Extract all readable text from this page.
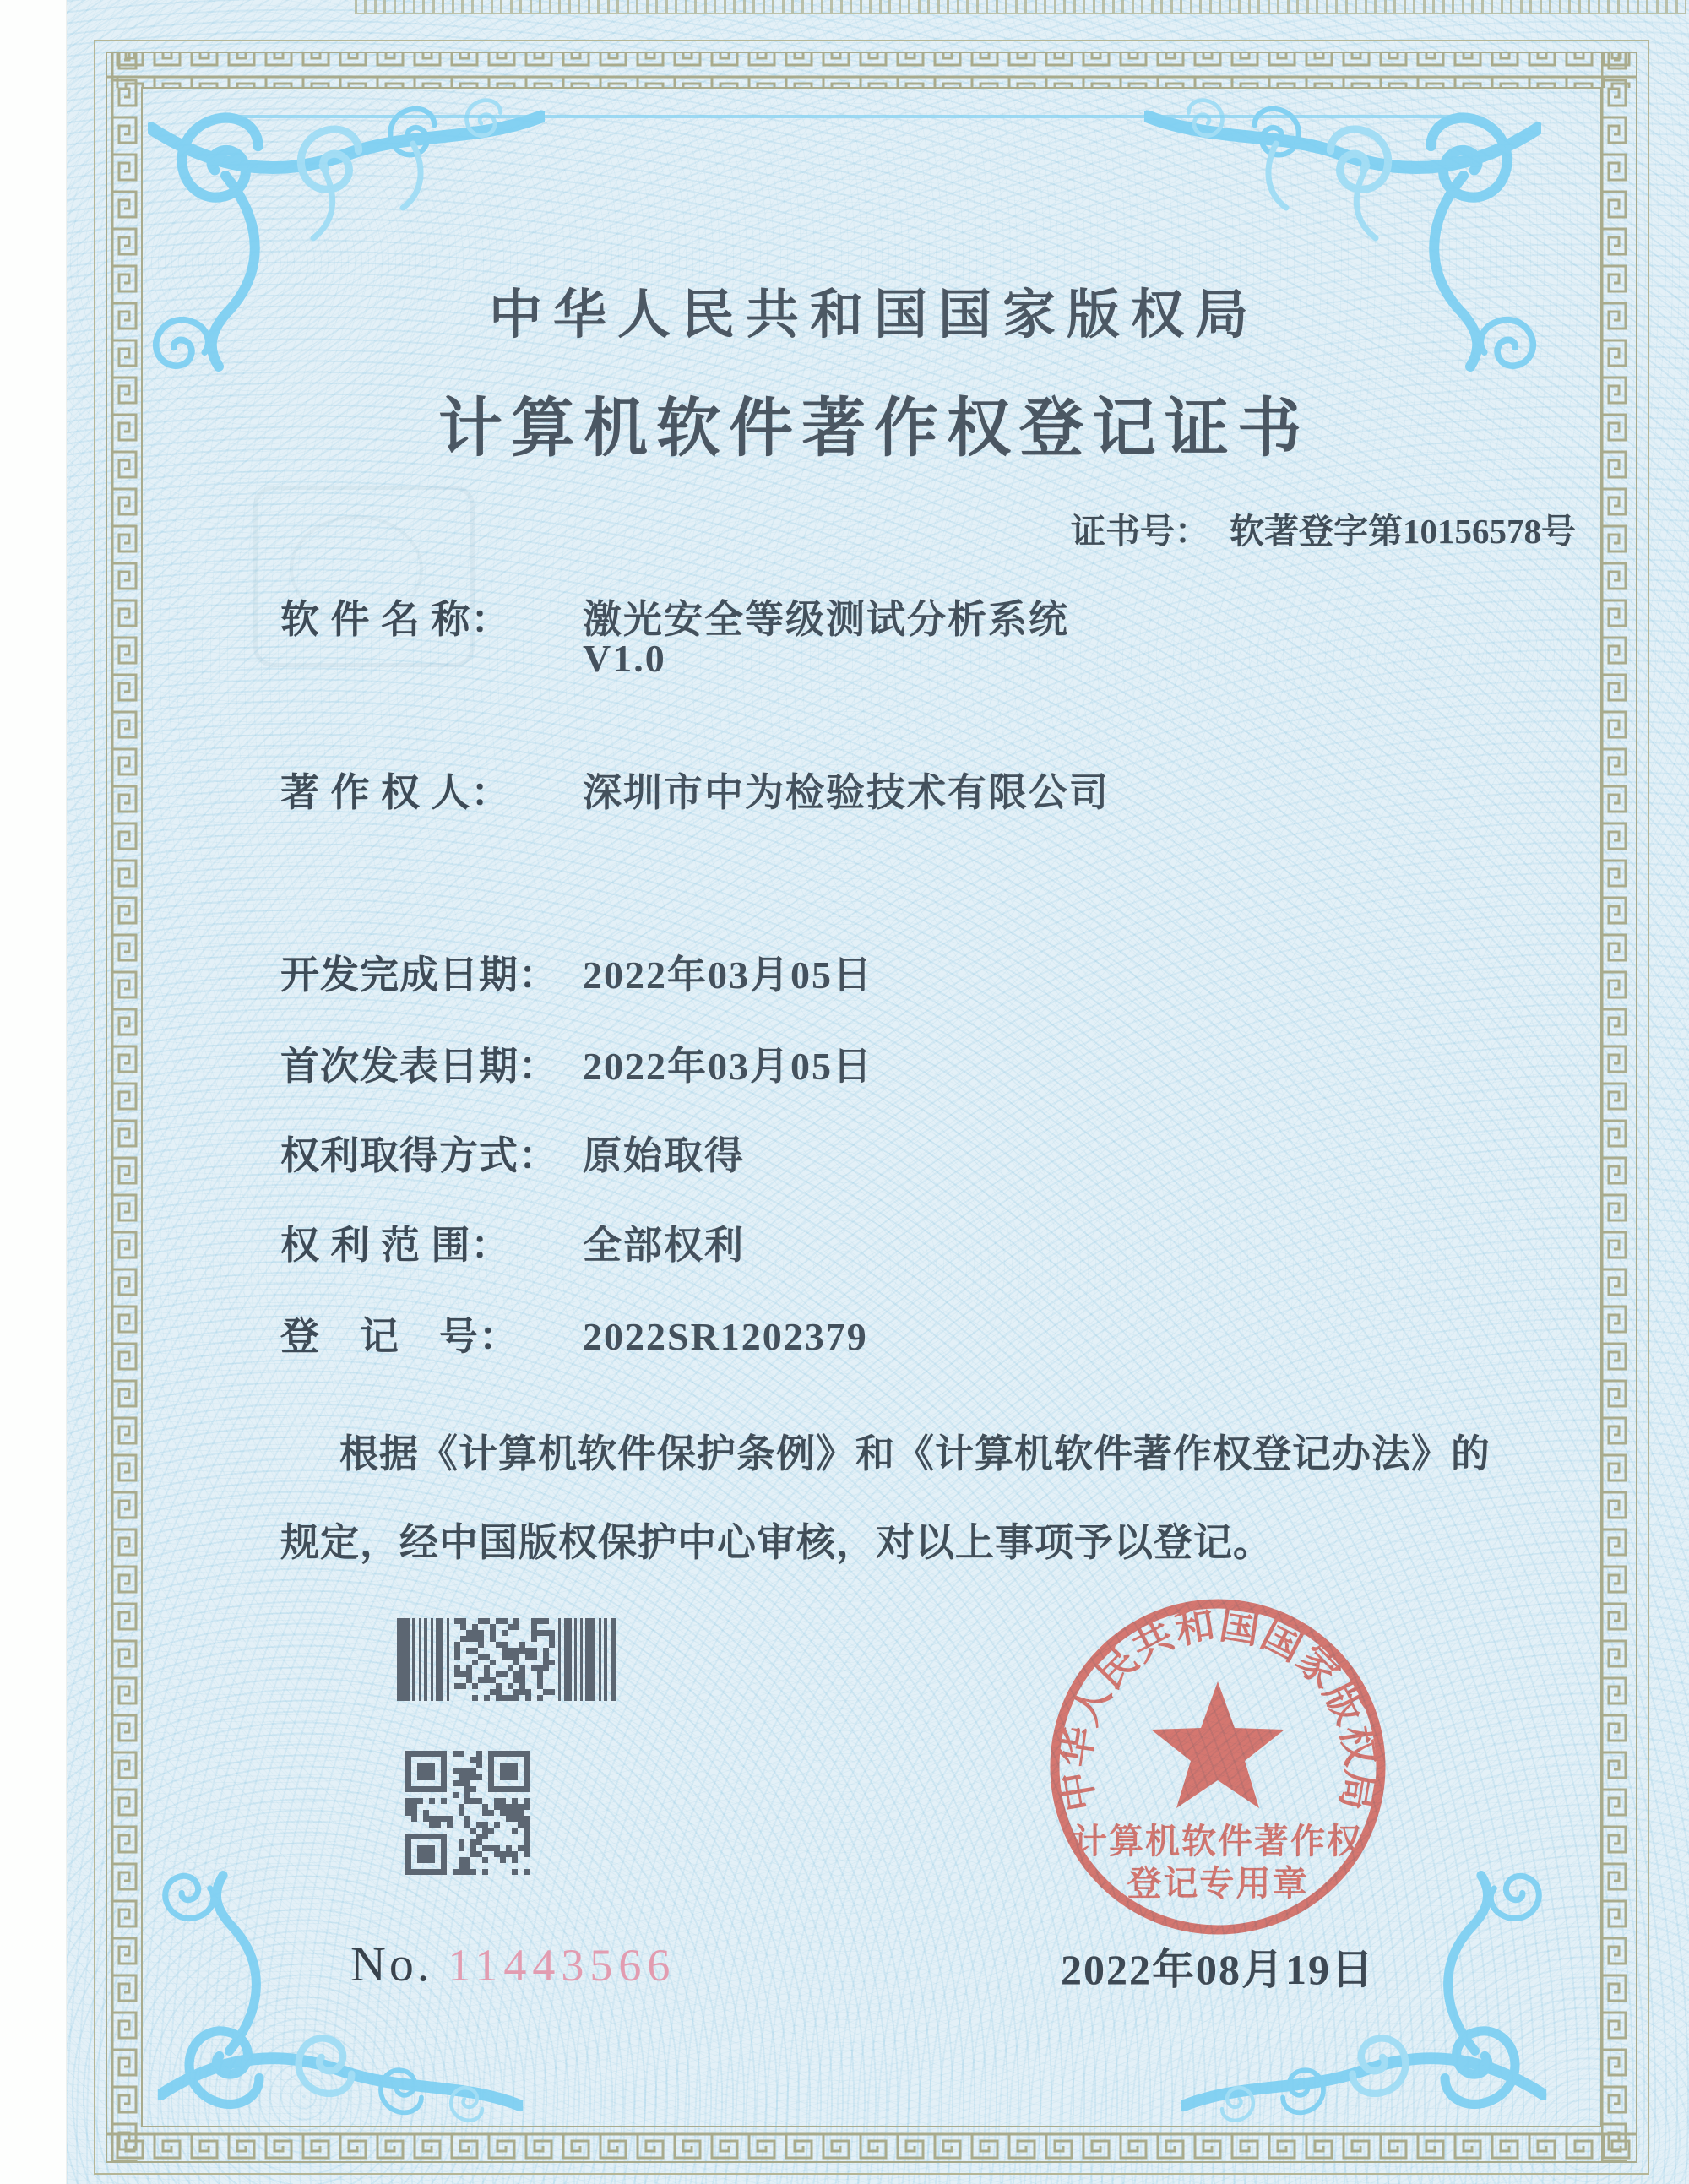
中华人民共和国国家版权局
计算机软件著作权登记证书
证书号： 软著登字第10156578号
软 件 名 称： 激光安全等级测试分析系统
V1.0
著 作 权 人： 深圳市中为检验技术有限公司
开发完成日期： 2022年03月05日
首次发表日期： 2022年03月05日
权利取得方式： 原始取得
权 利 范 围： 全部权利
登　记　号： 2022SR1202379
根据《计算机软件保护条例》和《计算机软件著作权登记办法》的
规定，经中国版权保护中心审核，对以上事项予以登记。
No. 11443566
中华人民共和国国家版权局
计算机软件著作权
登记专用章
2022年08月19日
